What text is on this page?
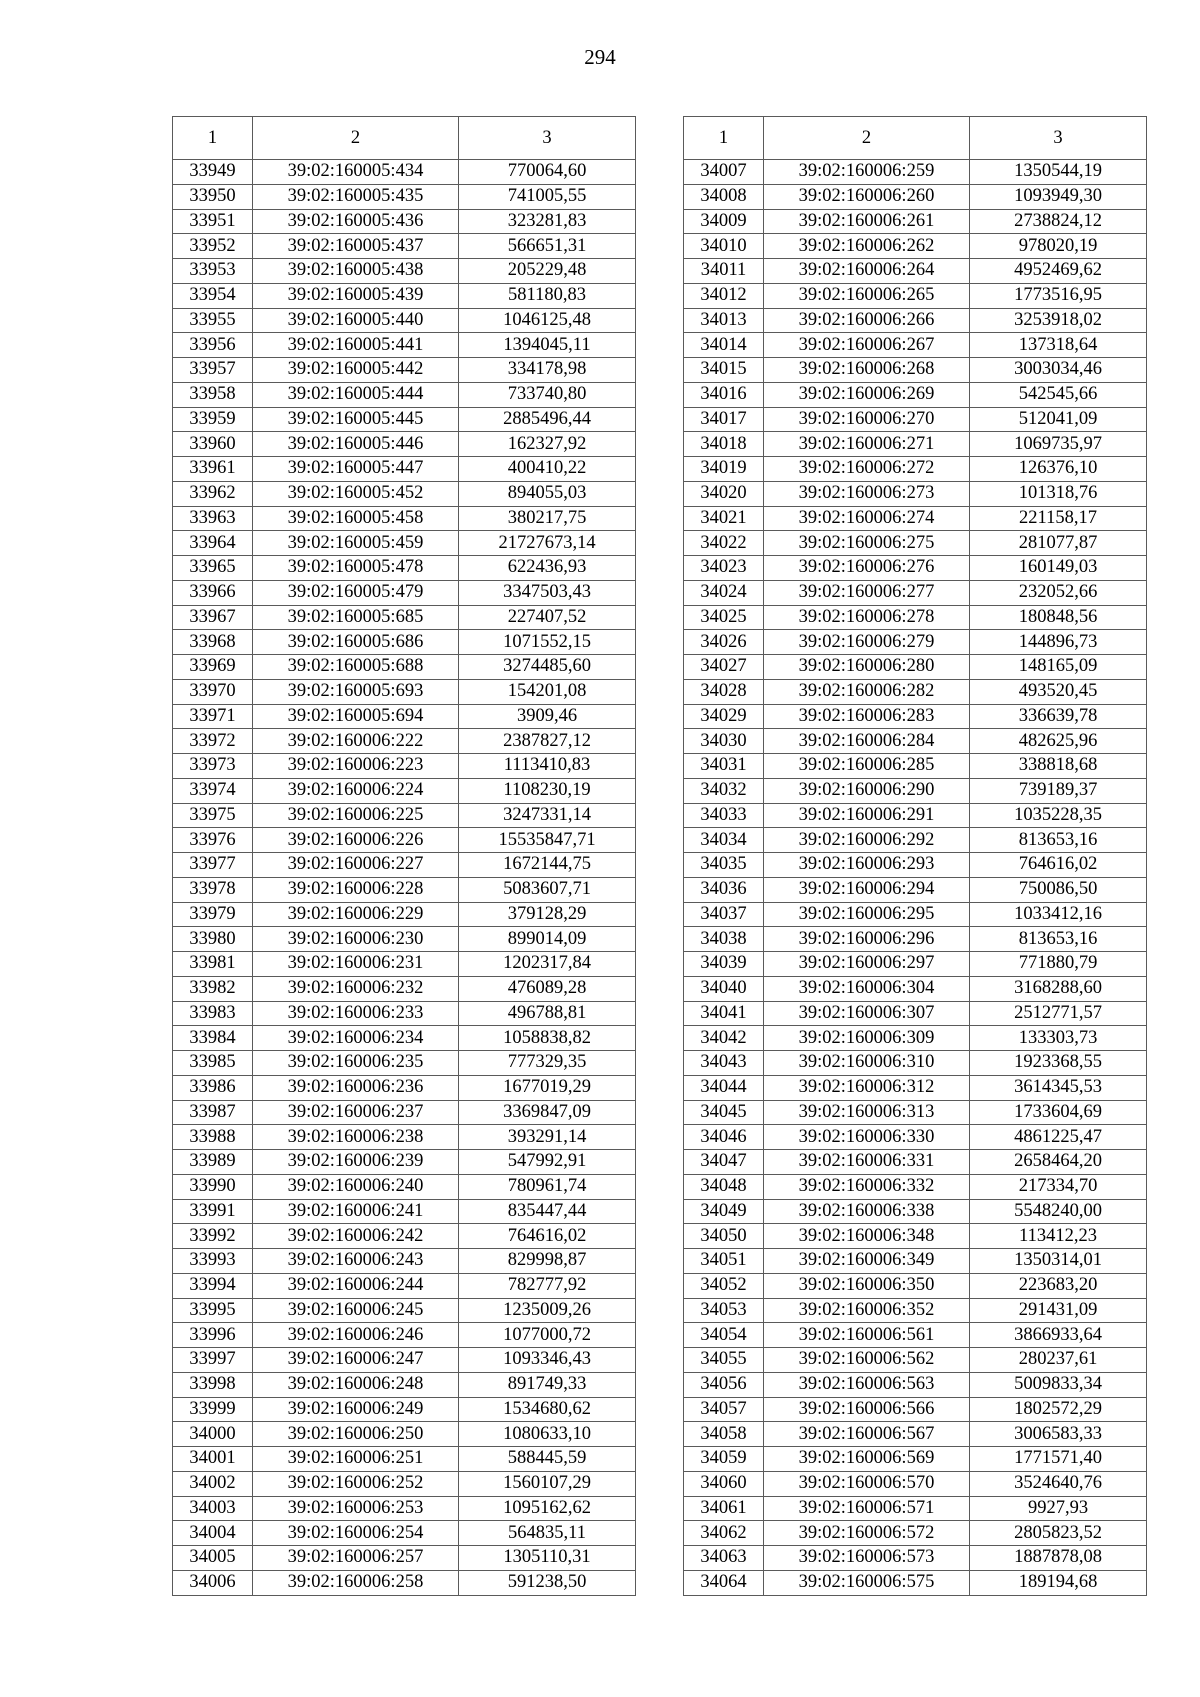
294
1	2	3
33949	39:02:160005:434	770064,60
33950	39:02:160005:435	741005,55
33951	39:02:160005:436	323281,83
33952	39:02:160005:437	566651,31
33953	39:02:160005:438	205229,48
33954	39:02:160005:439	581180,83
33955	39:02:160005:440	1046125,48
33956	39:02:160005:441	1394045,11
33957	39:02:160005:442	334178,98
33958	39:02:160005:444	733740,80
33959	39:02:160005:445	2885496,44
33960	39:02:160005:446	162327,92
33961	39:02:160005:447	400410,22
33962	39:02:160005:452	894055,03
33963	39:02:160005:458	380217,75
33964	39:02:160005:459	21727673,14
33965	39:02:160005:478	622436,93
33966	39:02:160005:479	3347503,43
33967	39:02:160005:685	227407,52
33968	39:02:160005:686	1071552,15
33969	39:02:160005:688	3274485,60
33970	39:02:160005:693	154201,08
33971	39:02:160005:694	3909,46
33972	39:02:160006:222	2387827,12
33973	39:02:160006:223	1113410,83
33974	39:02:160006:224	1108230,19
33975	39:02:160006:225	3247331,14
33976	39:02:160006:226	15535847,71
33977	39:02:160006:227	1672144,75
33978	39:02:160006:228	5083607,71
33979	39:02:160006:229	379128,29
33980	39:02:160006:230	899014,09
33981	39:02:160006:231	1202317,84
33982	39:02:160006:232	476089,28
33983	39:02:160006:233	496788,81
33984	39:02:160006:234	1058838,82
33985	39:02:160006:235	777329,35
33986	39:02:160006:236	1677019,29
33987	39:02:160006:237	3369847,09
33988	39:02:160006:238	393291,14
33989	39:02:160006:239	547992,91
33990	39:02:160006:240	780961,74
33991	39:02:160006:241	835447,44
33992	39:02:160006:242	764616,02
33993	39:02:160006:243	829998,87
33994	39:02:160006:244	782777,92
33995	39:02:160006:245	1235009,26
33996	39:02:160006:246	1077000,72
33997	39:02:160006:247	1093346,43
33998	39:02:160006:248	891749,33
33999	39:02:160006:249	1534680,62
34000	39:02:160006:250	1080633,10
34001	39:02:160006:251	588445,59
34002	39:02:160006:252	1560107,29
34003	39:02:160006:253	1095162,62
34004	39:02:160006:254	564835,11
34005	39:02:160006:257	1305110,31
34006	39:02:160006:258	591238,50
1	2	3
34007	39:02:160006:259	1350544,19
34008	39:02:160006:260	1093949,30
34009	39:02:160006:261	2738824,12
34010	39:02:160006:262	978020,19
34011	39:02:160006:264	4952469,62
34012	39:02:160006:265	1773516,95
34013	39:02:160006:266	3253918,02
34014	39:02:160006:267	137318,64
34015	39:02:160006:268	3003034,46
34016	39:02:160006:269	542545,66
34017	39:02:160006:270	512041,09
34018	39:02:160006:271	1069735,97
34019	39:02:160006:272	126376,10
34020	39:02:160006:273	101318,76
34021	39:02:160006:274	221158,17
34022	39:02:160006:275	281077,87
34023	39:02:160006:276	160149,03
34024	39:02:160006:277	232052,66
34025	39:02:160006:278	180848,56
34026	39:02:160006:279	144896,73
34027	39:02:160006:280	148165,09
34028	39:02:160006:282	493520,45
34029	39:02:160006:283	336639,78
34030	39:02:160006:284	482625,96
34031	39:02:160006:285	338818,68
34032	39:02:160006:290	739189,37
34033	39:02:160006:291	1035228,35
34034	39:02:160006:292	813653,16
34035	39:02:160006:293	764616,02
34036	39:02:160006:294	750086,50
34037	39:02:160006:295	1033412,16
34038	39:02:160006:296	813653,16
34039	39:02:160006:297	771880,79
34040	39:02:160006:304	3168288,60
34041	39:02:160006:307	2512771,57
34042	39:02:160006:309	133303,73
34043	39:02:160006:310	1923368,55
34044	39:02:160006:312	3614345,53
34045	39:02:160006:313	1733604,69
34046	39:02:160006:330	4861225,47
34047	39:02:160006:331	2658464,20
34048	39:02:160006:332	217334,70
34049	39:02:160006:338	5548240,00
34050	39:02:160006:348	113412,23
34051	39:02:160006:349	1350314,01
34052	39:02:160006:350	223683,20
34053	39:02:160006:352	291431,09
34054	39:02:160006:561	3866933,64
34055	39:02:160006:562	280237,61
34056	39:02:160006:563	5009833,34
34057	39:02:160006:566	1802572,29
34058	39:02:160006:567	3006583,33
34059	39:02:160006:569	1771571,40
34060	39:02:160006:570	3524640,76
34061	39:02:160006:571	9927,93
34062	39:02:160006:572	2805823,52
34063	39:02:160006:573	1887878,08
34064	39:02:160006:575	189194,68
